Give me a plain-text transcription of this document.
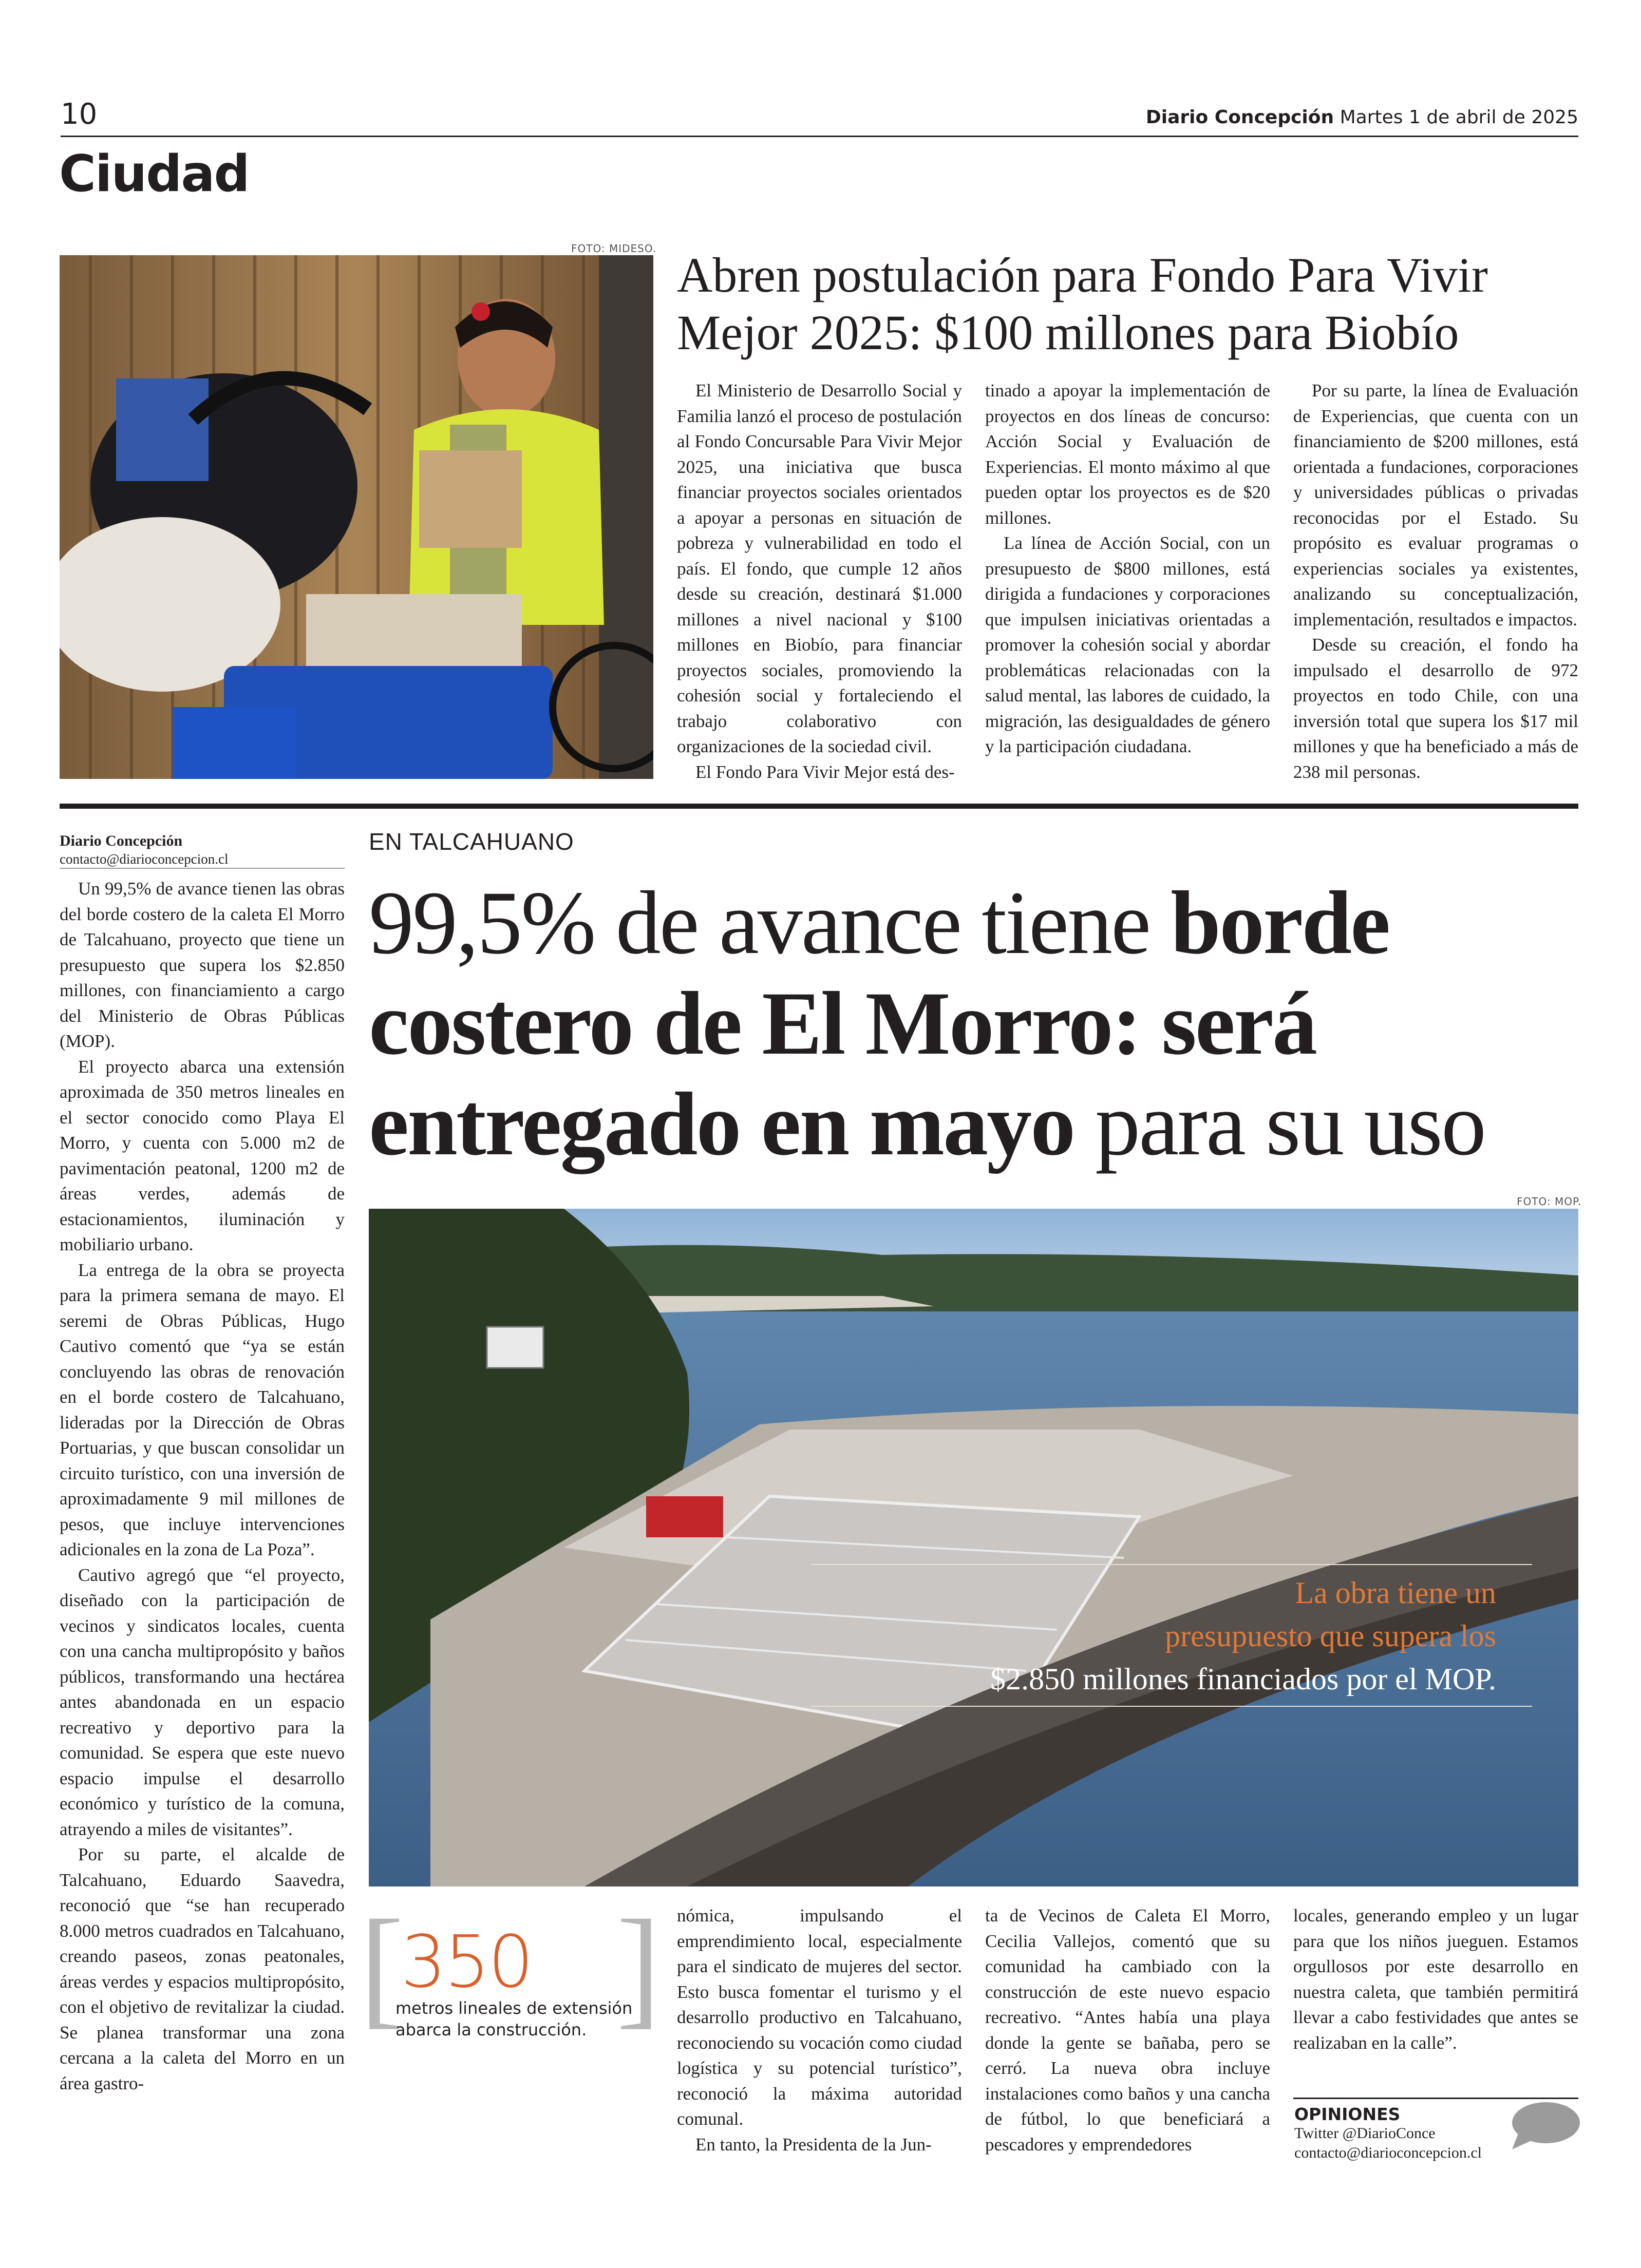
10	Diario Concepción Martes 1 de abril de 2025
Ciudad
FOTO: MIDESO. Abren postulación para Fondo Para Vivir Mejor 2025: $100 millones para Biobío

El Ministerio de Desarrollo Social y Familia lanzó el proceso de postulación al Fondo Concursable Para Vivir Mejor 2025, una iniciativa que busca financiar proyectos sociales orientados a apoyar a personas en situación de pobreza y vulnerabilidad en todo el país. El fondo, que cumple 12 años desde su creación, destinará $1.000 millones a nivel nacional y $100 millones en Biobío, para financiar proyectos sociales, promoviendo la cohesión social y fortaleciendo el trabajo colaborativo con organizaciones de la sociedad civil.

El Fondo Para Vivir Mejor está des-

tinado a apoyar la implementación de proyectos en dos líneas de concurso: Acción Social y Evaluación de Experiencias. El monto máximo al que pueden optar los proyectos es de $20 millones.

La línea de Acción Social, con un presupuesto de $800 millones, está dirigida a fundaciones y corporaciones que impulsen iniciativas orientadas a promover la cohesión social y abordar problemáticas relacionadas con la salud mental, las labores de cuidado, la migración, las desigualdades de género y la participación ciudadana.

Por su parte, la línea de Evaluación de Experiencias, que cuenta con un financiamiento de $200 millones, está orientada a fundaciones, corporaciones y universidades públicas o privadas reconocidas por el Estado. Su propósito es evaluar programas o experiencias sociales ya existentes, analizando su conceptualización, implementación, resultados e impactos.

Desde su creación, el fondo ha impulsado el desarrollo de 972 proyectos en todo Chile, con una inversión total que supera los $17 mil millones y que ha beneficiado a más de 238 mil personas.

Diario Concepción
contacto@diarioconcepcion.cl
EN TALCAHUANO
99,5% de avance tiene borde
costero de El Morro: será
entregado en mayo para su uso

Un 99,5% de avance tienen las obras del borde costero de la caleta El Morro de Talcahuano, proyecto que tiene un presupuesto que supera los $2.850 millones, con financiamiento a cargo del Ministerio de Obras Públicas (MOP).

El proyecto abarca una extensión aproximada de 350 metros lineales en el sector conocido como Playa El Morro, y cuenta con 5.000 m2 de pavimentación peatonal, 1200 m2 de áreas verdes, además de estacionamientos, iluminación y mobiliario urbano.

La entrega de la obra se proyecta para la primera semana de mayo. El seremi de Obras Públicas, Hugo Cautivo comentó que “ya se están concluyendo las obras de renovación en el borde costero de Talcahuano, lideradas por la Dirección de Obras Portuarias, y que buscan consolidar un circuito turístico, con una inversión de aproximadamente 9 mil millones de pesos, que incluye intervenciones adicionales en la zona de La Poza”.

Cautivo agregó que “el proyecto, diseñado con la participación de vecinos y sindicatos locales, cuenta con una cancha multipropósito y baños públicos, transformando una hectárea antes abandonada en un espacio recreativo y deportivo para la comunidad. Se espera que este nuevo espacio impulse el desarrollo económico y turístico de la comuna, atrayendo a miles de visitantes”.

Por su parte, el alcalde de Talcahuano, Eduardo Saavedra, reconoció que “se han recuperado 8.000 metros cuadrados en Talcahuano, creando paseos, zonas peatonales, áreas verdes y espacios multipropósito, con el objetivo de revitalizar la ciudad. Se planea transformar una zona cercana a la caleta del Morro en un área gastro-

FOTO: MOP.
La obra tiene un
presupuesto que supera los
$2.850 millones financiados por el MOP.
[ ]
350
metros lineales de extensión abarca la construcción.

nómica, impulsando el emprendimiento local, especialmente para el sindicato de mujeres del sector. Esto busca fomentar el turismo y el desarrollo productivo en Talcahuano, reconociendo su vocación como ciudad logística y su potencial turístico”, reconoció la máxima autoridad comunal.

En tanto, la Presidenta de la Jun-

ta de Vecinos de Caleta El Morro, Cecilia Vallejos, comentó que su comunidad ha cambiado con la construcción de este nuevo espacio recreativo. “Antes había una playa donde la gente se bañaba, pero se cerró. La nueva obra incluye instalaciones como baños y una cancha de fútbol, lo que beneficiará a pescadores y emprendedores

locales, generando empleo y un lugar para que los niños jueguen. Estamos orgullosos por este desarrollo en nuestra caleta, que también permitirá llevar a cabo festividades que antes se realizaban en la calle”.

OPINIONES
Twitter @DiarioConce
contacto@diarioconcepcion.cl
